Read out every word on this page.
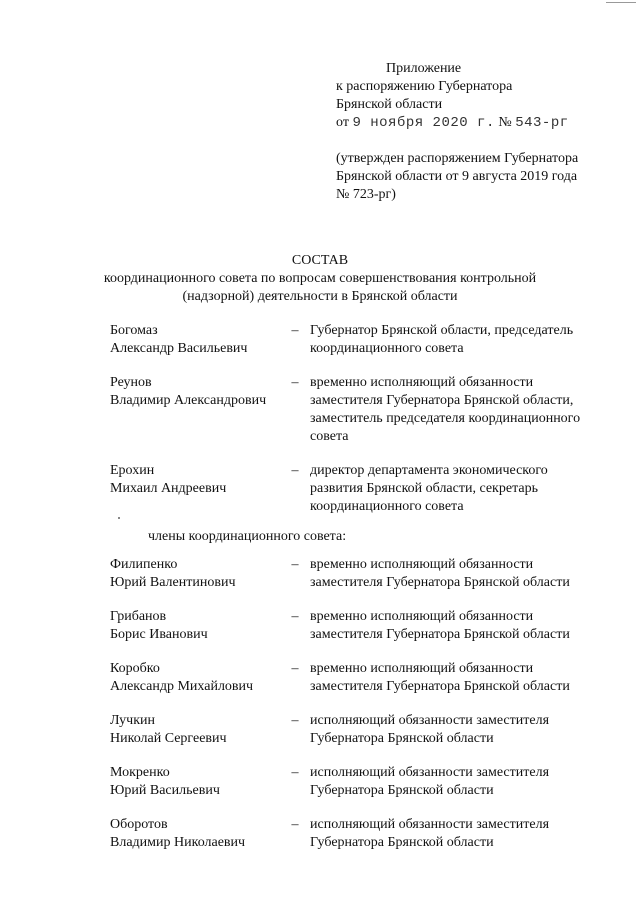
Приложение
к распоряжению Губернатора
Брянской области
от 9 ноября 2020 г. № 543-рг
(утвержден распоряжением Губернатора
Брянской области от 9 августа 2019 года
№ 723-рг)
СОСТАВ
координационного совета по вопросам совершенствования контрольной
(надзорной) деятельности в Брянской области
Богомаз
Александр Васильевич
– Губернатор Брянской области, председатель
координационного совета
Реунов
Владимир Александрович
– временно исполняющий обязанности
заместителя Губернатора Брянской области,
заместитель председателя координационного
совета
Ерохин
Михаил Андреевич
– директор департамента экономического
развития Брянской области, секретарь
координационного совета
члены координационного совета:
Филипенко
Юрий Валентинович
– временно исполняющий обязанности
заместителя Губернатора Брянской области
Грибанов
Борис Иванович
– временно исполняющий обязанности
заместителя Губернатора Брянской области
Коробко
Александр Михайлович
– временно исполняющий обязанности
заместителя Губернатора Брянской области
Лучкин
Николай Сергеевич
– исполняющий обязанности заместителя
Губернатора Брянской области
Мокренко
Юрий Васильевич
– исполняющий обязанности заместителя
Губернатора Брянской области
Оборотов
Владимир Николаевич
– исполняющий обязанности заместителя
Губернатора Брянской области
